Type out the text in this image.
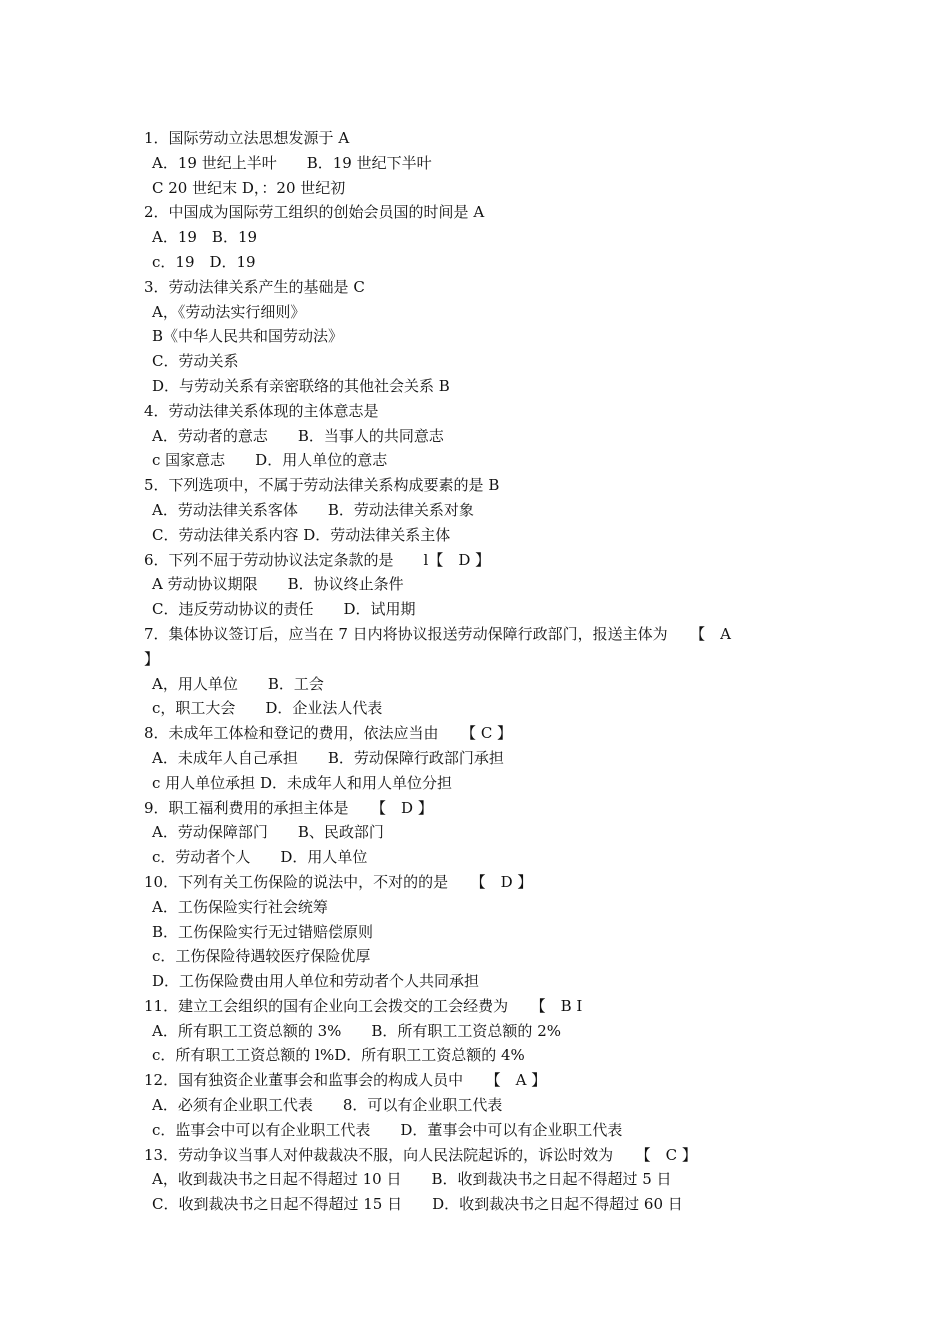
1．国际劳动立法思想发源于 A
A．19 世纪上半叶　　B．19 世纪下半叶
C 20 世纪末 D，：20 世纪初
2．中国成为国际劳工组织的创始会员国的时间是 A
A．19　B．19
c．19　D．19
3．劳动法律关系产生的基础是 C
A，《劳动法实行细则》
B《中华人民共和国劳动法》
C．劳动关系
D．与劳动关系有亲密联络的其他社会关系 B
4．劳动法律关系体现的主体意志是
A．劳动者的意志　　B．当事人的共同意志
c 国家意志　　D．用人单位的意志
5．下列选项中，不属于劳动法律关系构成要素的是 B
A．劳动法律关系客体　　B．劳动法律关系对象
C．劳动法律关系内容 D．劳动法律关系主体
6．下列不屈于劳动协议法定条款的是　　l【　D 】
A 劳动协议期限　　B．协议终止条件
C．违反劳动协议的责任　　D．试用期
7．集体协议签订后，应当在 7 日内将协议报送劳动保障行政部门，报送主体为　　【　A
】
A，用人单位　　B．工会
c，职工大会　　D．企业法人代表
8．未成年工体检和登记的费用，依法应当由　　【 C 】
A．未成年人自己承担　　B．劳动保障行政部门承担
c 用人单位承担 D．未成年人和用人单位分担
9．职工福利费用的承担主体是　　【　D 】
A．劳动保障部门　　B、民政部门
c．劳动者个人　　D．用人单位
10．下列有关工伤保险的说法中，不对的的是　　【　D 】
A．工伤保险实行社会统筹
B．工伤保险实行无过错赔偿原则
c．工伤保险待遇较医疗保险优厚
D．工伤保险费由用人单位和劳动者个人共同承担
11．建立工会组织的国有企业向工会拨交的工会经费为　　【　B I
A．所有职工工资总额的 3%　　B．所有职工工资总额的 2%
c．所有职工工资总额的 l%D．所有职工工资总额的 4%
12．国有独资企业董事会和监事会的构成人员中　　【　A 】
A．必须有企业职工代表　　8．可以有企业职工代表
c．监事会中可以有企业职工代表　　D．董事会中可以有企业职工代表
13．劳动争议当事人对仲裁裁决不服，向人民法院起诉的，诉讼时效为　　【　C 】
A，收到裁决书之日起不得超过 10 日　　B．收到裁决书之日起不得超过 5 日
C．收到裁决书之日起不得超过 15 日　　D．收到裁决书之日起不得超过 60 日
